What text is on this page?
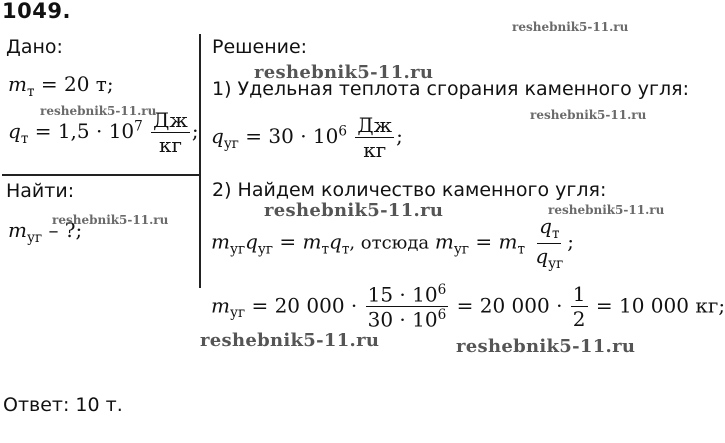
1049.
Дано:
$m_т = 20$ т;
$q_т = 1,5 \cdot 10^7 \frac{Дж}{кг}$ ;
Найти:
$m_{уг}$ – ?;
Решение:
1) Удельная теплота сгорания каменного угля:
$q_{уг} = 30 \cdot 10^6 \frac{Дж}{кг}$ ;
2) Найдем количество каменного угля:
$m_{уг}q_{уг} = m_тq_т$, отсюда $m_{уг} = m_т \frac{q_т}{q_{уг}}$ ;
$m_{уг} = 20$ $000 \cdot \frac{15 \cdot 10^6}{30 \cdot 10^6} = 20$ $000 \cdot \frac{1}{2} = 10$ 000 кг;
Ответ: 10 т.
reshebnik5-11.ru
reshebnik5-11.ru
reshebnik5-11.ru	reshebnik5-11.ru
reshebnik5-11.ru	reshebnik5-11.ru
reshebnik5-11.ru
reshebnik5-11.ru	reshebnik5-11.ru
